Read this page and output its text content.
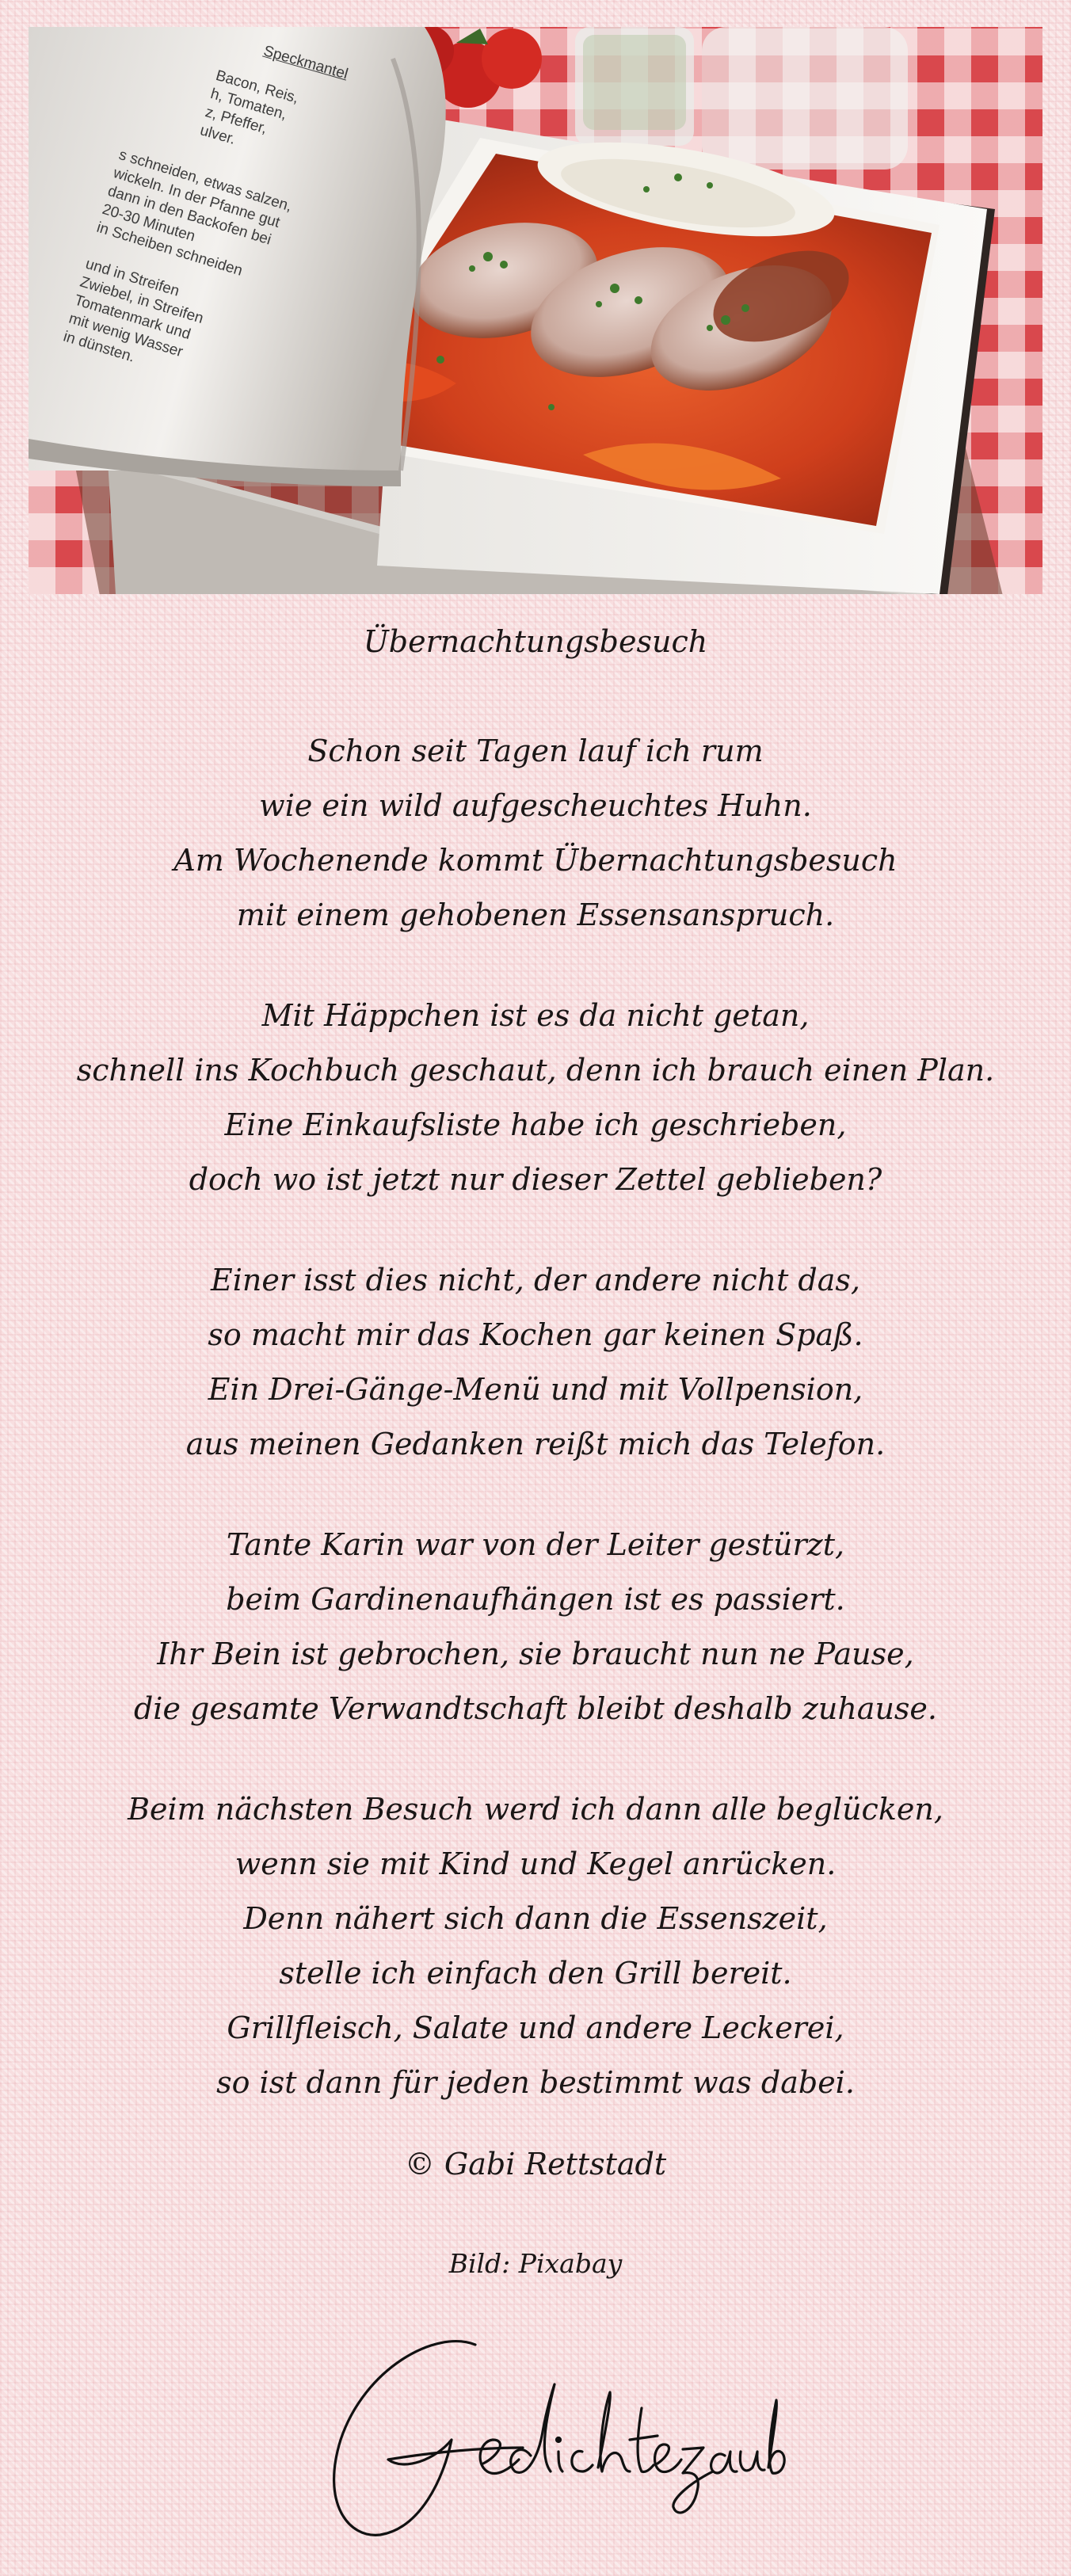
Speckmantel
Bacon, Reis,
h, Tomaten,
z, Pfeffer,
ulver.
s schneiden, etwas salzen,
wickeln. In der Pfanne gut
dann in den Backofen bei
20-30 Minuten
in Scheiben schneiden

und in Streifen
Zwiebel, in Streifen
Tomatenmark und
mit wenig Wasser
in dünsten.
Übernachtungsbesuch
Schon seit Tagen lauf ich rum
wie ein wild aufgescheuchtes Huhn.
Am Wochenende kommt Übernachtungsbesuch
mit einem gehobenen Essensanspruch.
Mit Häppchen ist es da nicht getan,
schnell ins Kochbuch geschaut, denn ich brauch einen Plan.
Eine Einkaufsliste habe ich geschrieben,
doch wo ist jetzt nur dieser Zettel geblieben?
Einer isst dies nicht, der andere nicht das,
so macht mir das Kochen gar keinen Spaß.
Ein Drei-Gänge-Menü und mit Vollpension,
aus meinen Gedanken reißt mich das Telefon.
Tante Karin war von der Leiter gestürzt,
beim Gardinenaufhängen ist es passiert.
Ihr Bein ist gebrochen, sie braucht nun ne Pause,
die gesamte Verwandtschaft bleibt deshalb zuhause.
Beim nächsten Besuch werd ich dann alle beglücken,
wenn sie mit Kind und Kegel anrücken.
Denn nähert sich dann die Essenszeit,
stelle ich einfach den Grill bereit.
Grillfleisch, Salate und andere Leckerei,
so ist dann für jeden bestimmt was dabei.
© Gabi Rettstadt
Bild: Pixabay
